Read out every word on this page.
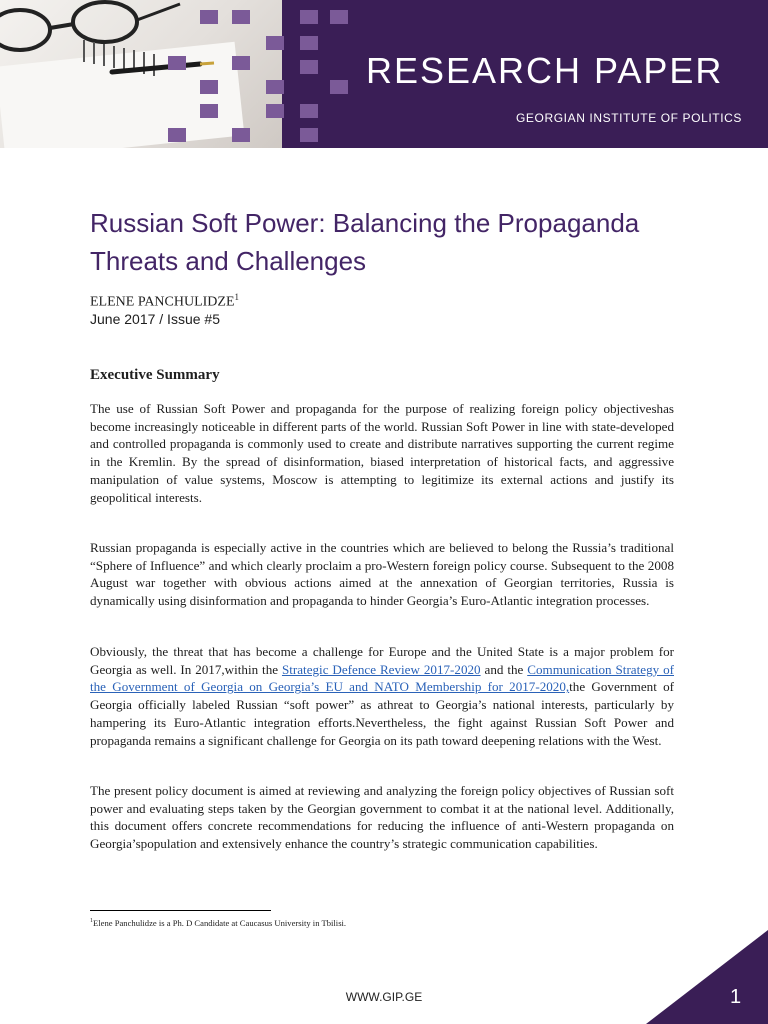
RESEARCH PAPER
GEORGIAN INSTITUTE OF POLITICS
Russian Soft Power: Balancing the Propaganda Threats and Challenges
ELENE PANCHULIDZE$^1$
June 2017 / Issue #5
Executive Summary

The use of Russian Soft Power and propaganda for the purpose of realizing foreign policy objectiveshas become increasingly noticeable in different parts of the world. Russian Soft Power in line with state-developed and controlled propaganda is commonly used to create and distribute narratives supporting the current regime in the Kremlin. By the spread of disinformation, biased interpretation of historical facts, and aggressive manipulation of value systems, Moscow is attempting to legitimize its external actions and justify its geopolitical interests.

Russian propaganda is especially active in the countries which are believed to belong the Russia’s traditional “Sphere of Influence” and which clearly proclaim a pro-Western foreign policy course. Subsequent to the 2008 August war together with obvious actions aimed at the annexation of Georgian territories, Russia is dynamically using disinformation and propaganda to hinder Georgia’s Euro-Atlantic integration processes.

Obviously, the threat that has become a challenge for Europe and the United State is a major problem for Georgia as well. In 2017,within the Strategic Defence Review 2017-2020 and the Communication Strategy of the Government of Georgia on Georgia’s EU and NATO Membership for 2017-2020,the Government of Georgia officially labeled Russian “soft power” as athreat to Georgia’s national interests, particularly by hampering its Euro-Atlantic integration efforts.Nevertheless, the fight against Russian Soft Power and propaganda remains a significant challenge for Georgia on its path toward deepening relations with the West.

The present policy document is aimed at reviewing and analyzing the foreign policy objectives of Russian soft power and evaluating steps taken by the Georgian government to combat it at the national level. Additionally, this document offers concrete recommendations for reducing the influence of anti-Western propaganda on Georgia’spopulation and extensively enhance the country’s strategic communication capabilities.

$^1$Elene Panchulidze is a Ph. D Candidate at Caucasus University in Tbilisi.
WWW.GIP.GE	1
